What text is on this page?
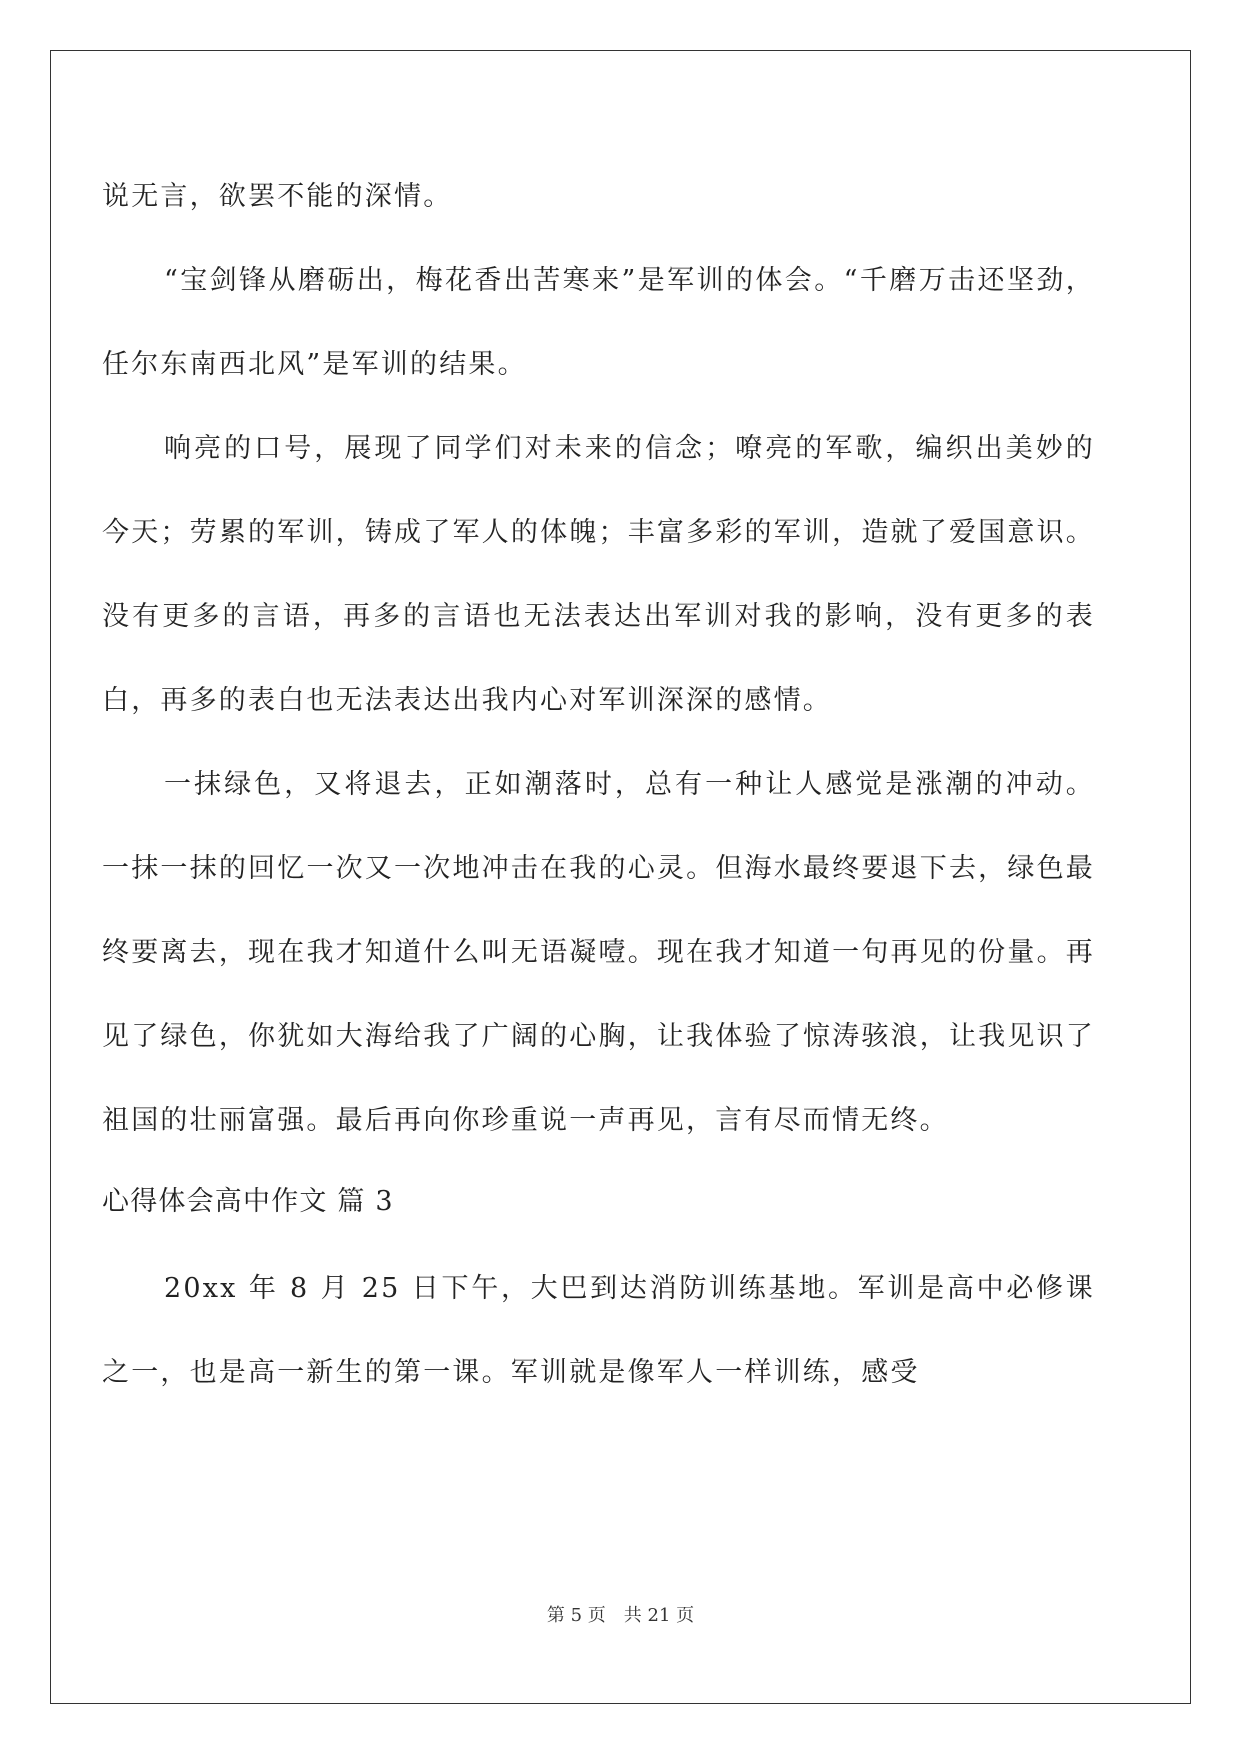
说无言，欲罢不能的深情。

“宝剑锋从磨砺出，梅花香出苦寒来”是军训的体会。“千磨万击还坚劲，任尔东南西北风”是军训的结果。

响亮的口号，展现了同学们对未来的信念；嘹亮的军歌，编织出美妙的今天；劳累的军训，铸成了军人的体魄；丰富多彩的军训，造就了爱国意识。没有更多的言语，再多的言语也无法表达出军训对我的影响，没有更多的表白，再多的表白也无法表达出我内心对军训深深的感情。

一抹绿色，又将退去，正如潮落时，总有一种让人感觉是涨潮的冲动。一抹一抹的回忆一次又一次地冲击在我的心灵。但海水最终要退下去，绿色最终要离去，现在我才知道什么叫无语凝噎。现在我才知道一句再见的份量。再见了绿色，你犹如大海给我了广阔的心胸，让我体验了惊涛骇浪，让我见识了祖国的壮丽富强。最后再向你珍重说一声再见，言有尽而情无终。

心得体会高中作文 篇 3

20xx 年 8 月 25 日下午，大巴到达消防训练基地。军训是高中必修课之一，也是高一新生的第一课。军训就是像军人一样训练，感受

第 5 页 共 21 页
